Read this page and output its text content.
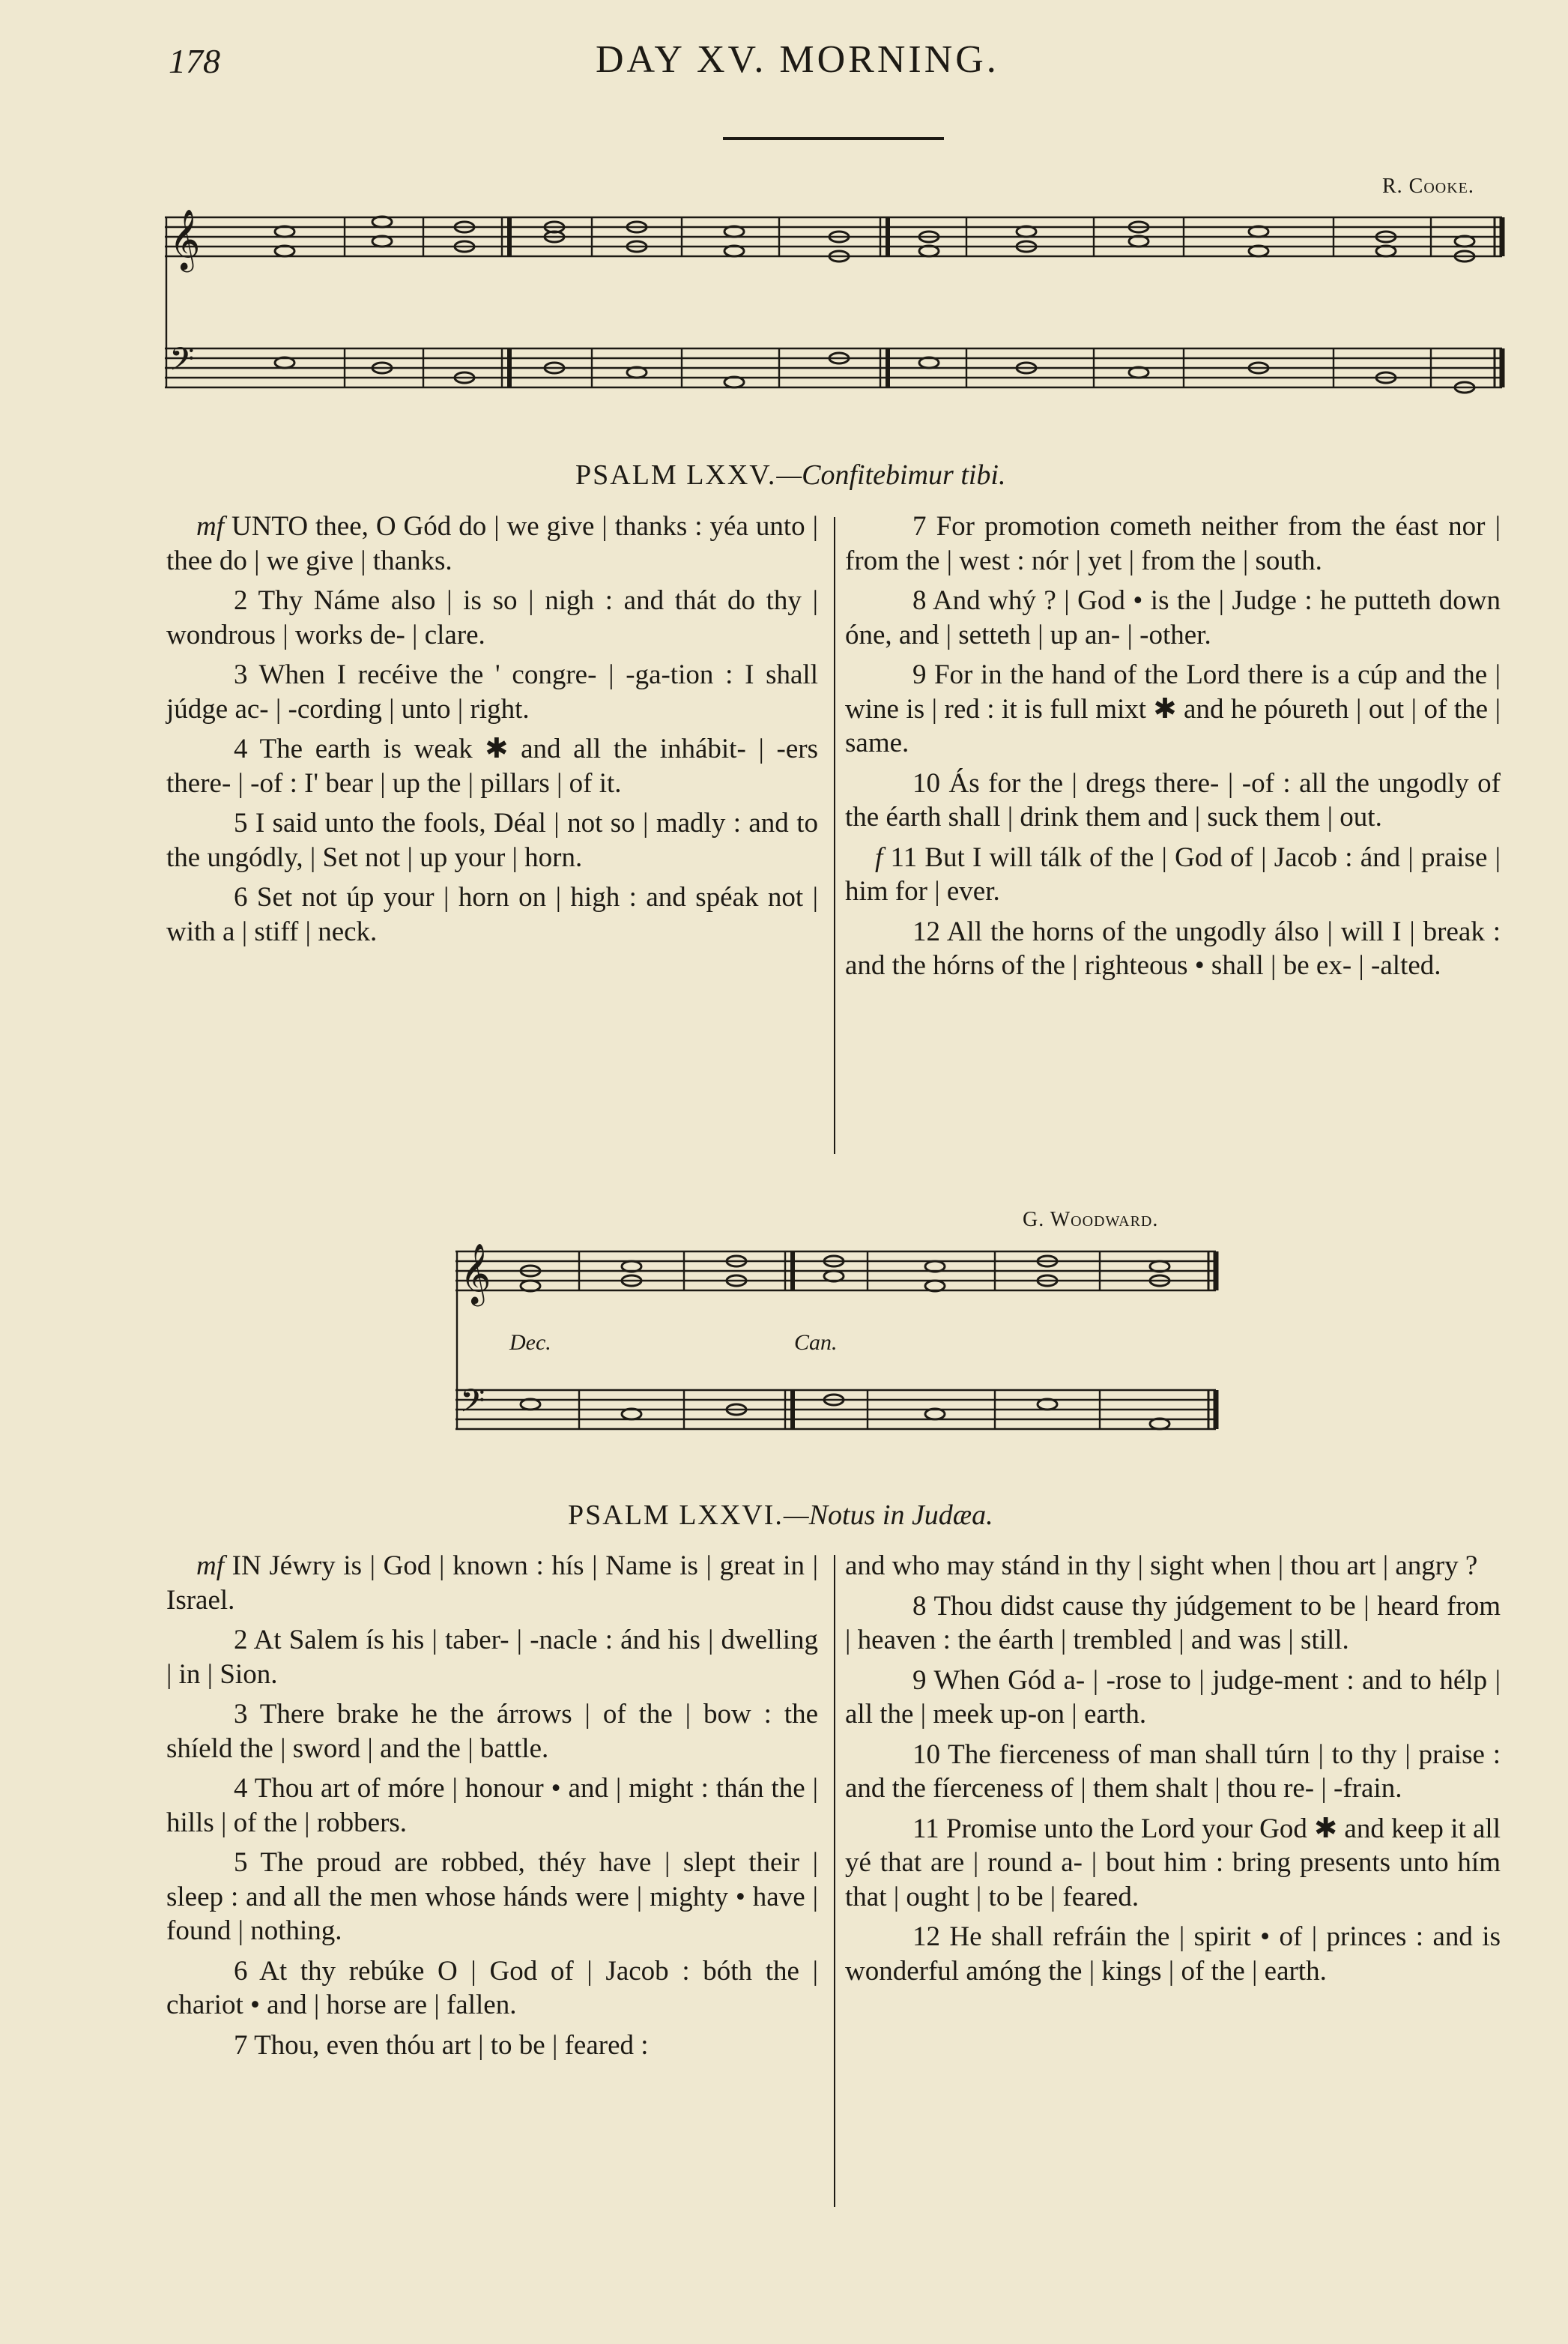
178	DAY XV. MORNING.
R. Cooke.
𝄞
𝄢
PSALM LXXV.—Confitebimur tibi.

mf UNTO thee, O Gód do | we give | thanks : yéa unto | thee do | we give | thanks.

2 Thy Náme also | is so | nigh : and thát do thy | wondrous | works de- | clare.

3 When I recéive the ' congre- | -ga-tion : I shall júdge ac- | -cording | unto | right.

4 The earth is weak ✱ and all the inhábit- | -ers there- | -of : I' bear | up the | pillars | of it.

5 I said unto the fools, Déal | not so | madly : and to the ungódly, | Set not | up your | horn.

6 Set not úp your | horn on | high : and spéak not | with a | stiff | neck.

7 For promotion cometh neither from the éast nor | from the | west : nór | yet | from the | south.

8 And whý ? | God • is the | Judge : he putteth down óne, and | setteth | up an- | -other.

9 For in the hand of the Lord there is a cúp and the | wine is | red : it is full mixt ✱ and he póureth | out | of the | same.

10 Ás for the | dregs there- | -of : all the ungodly of the éarth shall | drink them and | suck them | out.

f 11 But I will tálk of the | God of | Jacob : ánd | praise | him for | ever.

12 All the horns of the ungodly álso | will I | break : and the hórns of the | righteous • shall | be ex- | -alted.

G. Woodward.
𝄞
𝄢
Dec.	Can.
PSALM LXXVI.—Notus in Judæa.

mf IN Jéwry is | God | known : hís | Name is | great in | Israel.

2 At Salem ís his | taber- | -nacle : ánd his | dwelling | in | Sion.

3 There brake he the árrows | of the | bow : the shíeld the | sword | and the | battle.

4 Thou art of móre | honour • and | might : thán the | hills | of the | robbers.

5 The proud are robbed, théy have | slept their | sleep : and all the men whose hánds were | mighty • have | found | nothing.

6 At thy rebúke O | God of | Jacob : bóth the | chariot • and | horse are | fallen.

7 Thou, even thóu art | to be | feared :

and who may stánd in thy | sight when | thou art | angry ?

8 Thou didst cause thy júdgement to be | heard from | heaven : the éarth | trembled | and was | still.

9 When Gód a- | -rose to | judge-ment : and to hélp | all the | meek up-on | earth.

10 The fierceness of man shall túrn | to thy | praise : and the fíerceness of | them shalt | thou re- | -frain.

11 Promise unto the Lord your God ✱ and keep it all yé that are | round a- | bout him : bring presents unto hím that | ought | to be | feared.

12 He shall refráin the | spirit • of | princes : and is wonderful amóng the | kings | of the | earth.
